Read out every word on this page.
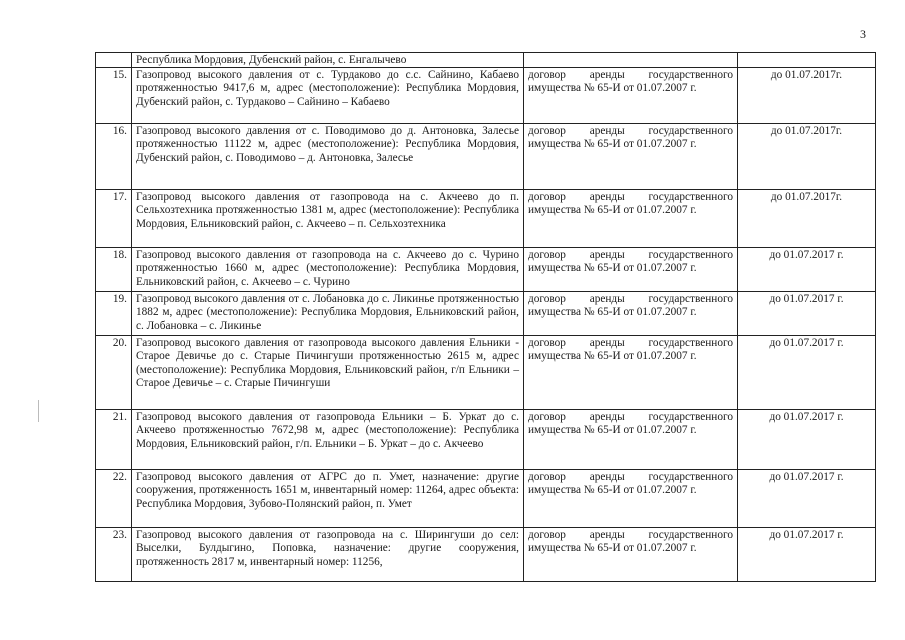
3
	Республика Мордовия, Дубенский район, с. Енгалычево		
15.	Газопровод высокого давления от с. Турдаково до с.с. Сайнино, Кабаево протяженностью 9417,6 м, адрес (местоположение): Республика Мордовия, Дубенский район, с. Турдаково – Сайнино – Кабаево	договор аренды государственного имущества № 65-И от 01.07.2007 г.	до 01.07.2017г.
16.	Газопровод высокого давления от с. Поводимово до д. Антоновка, Залесье протяженностью 11122 м, адрес (местоположение): Республика Мордовия, Дубенский район, с. Поводимово – д. Антоновка, Залесье	договор аренды государственного имущества № 65-И от 01.07.2007 г.	до 01.07.2017г.
17.	Газопровод высокого давления от газопровода на с. Акчеево до п. Сельхозтехника протяженностью 1381 м, адрес (местоположение): Республика Мордовия, Ельниковский район, с. Акчеево – п. Сельхозтехника	договор аренды государственного имущества № 65-И от 01.07.2007 г.	до 01.07.2017г.
18.	Газопровод высокого давления от газопровода на с. Акчеево до с. Чурино протяженностью 1660 м, адрес (местоположение): Республика Мордовия, Ельниковский район, с. Акчеево – с. Чурино	договор аренды государственного имущества № 65-И от 01.07.2007 г.	до 01.07.2017 г.
19.	Газопровод высокого давления от с. Лобановка до с. Ликинье протяженностью 1882 м, адрес (местоположение): Республика Мордовия, Ельниковский район, с. Лобановка – с. Ликинье	договор аренды государственного имущества № 65-И от 01.07.2007 г.	до 01.07.2017 г.
20.	Газопровод высокого давления от газопровода высокого давления Ельники - Старое Девичье до с. Старые Пичингуши протяженностью 2615 м, адрес (местоположение): Республика Мордовия, Ельниковский район, г/п Ельники – Старое Девичье – с. Старые Пичингуши	договор аренды государственного имущества № 65-И от 01.07.2007 г.	до 01.07.2017 г.
21.	Газопровод высокого давления от газопровода Ельники – Б. Уркат до с. Акчеево протяженностью 7672,98 м, адрес (местоположение): Республика Мордовия, Ельниковский район, г/п. Ельники – Б. Уркат – до с. Акчеево	договор аренды государственного имущества № 65-И от 01.07.2007 г.	до 01.07.2017 г.
22.	Газопровод высокого давления от АГРС до п. Умет, назначение: другие сооружения, протяженность 1651 м, инвентарный номер: 11264, адрес объекта: Республика Мордовия, Зубово-Полянский район, п. Умет	договор аренды государственного имущества № 65-И от 01.07.2007 г.	до 01.07.2017 г.
23.	Газопровод высокого давления от газопровода на с. Ширингуши до сел: Выселки, Булдыгино, Поповка, назначение: другие сооружения, протяженность 2817 м, инвентарный номер: 11256,	договор аренды государственного имущества № 65-И от 01.07.2007 г.	до 01.07.2017 г.
